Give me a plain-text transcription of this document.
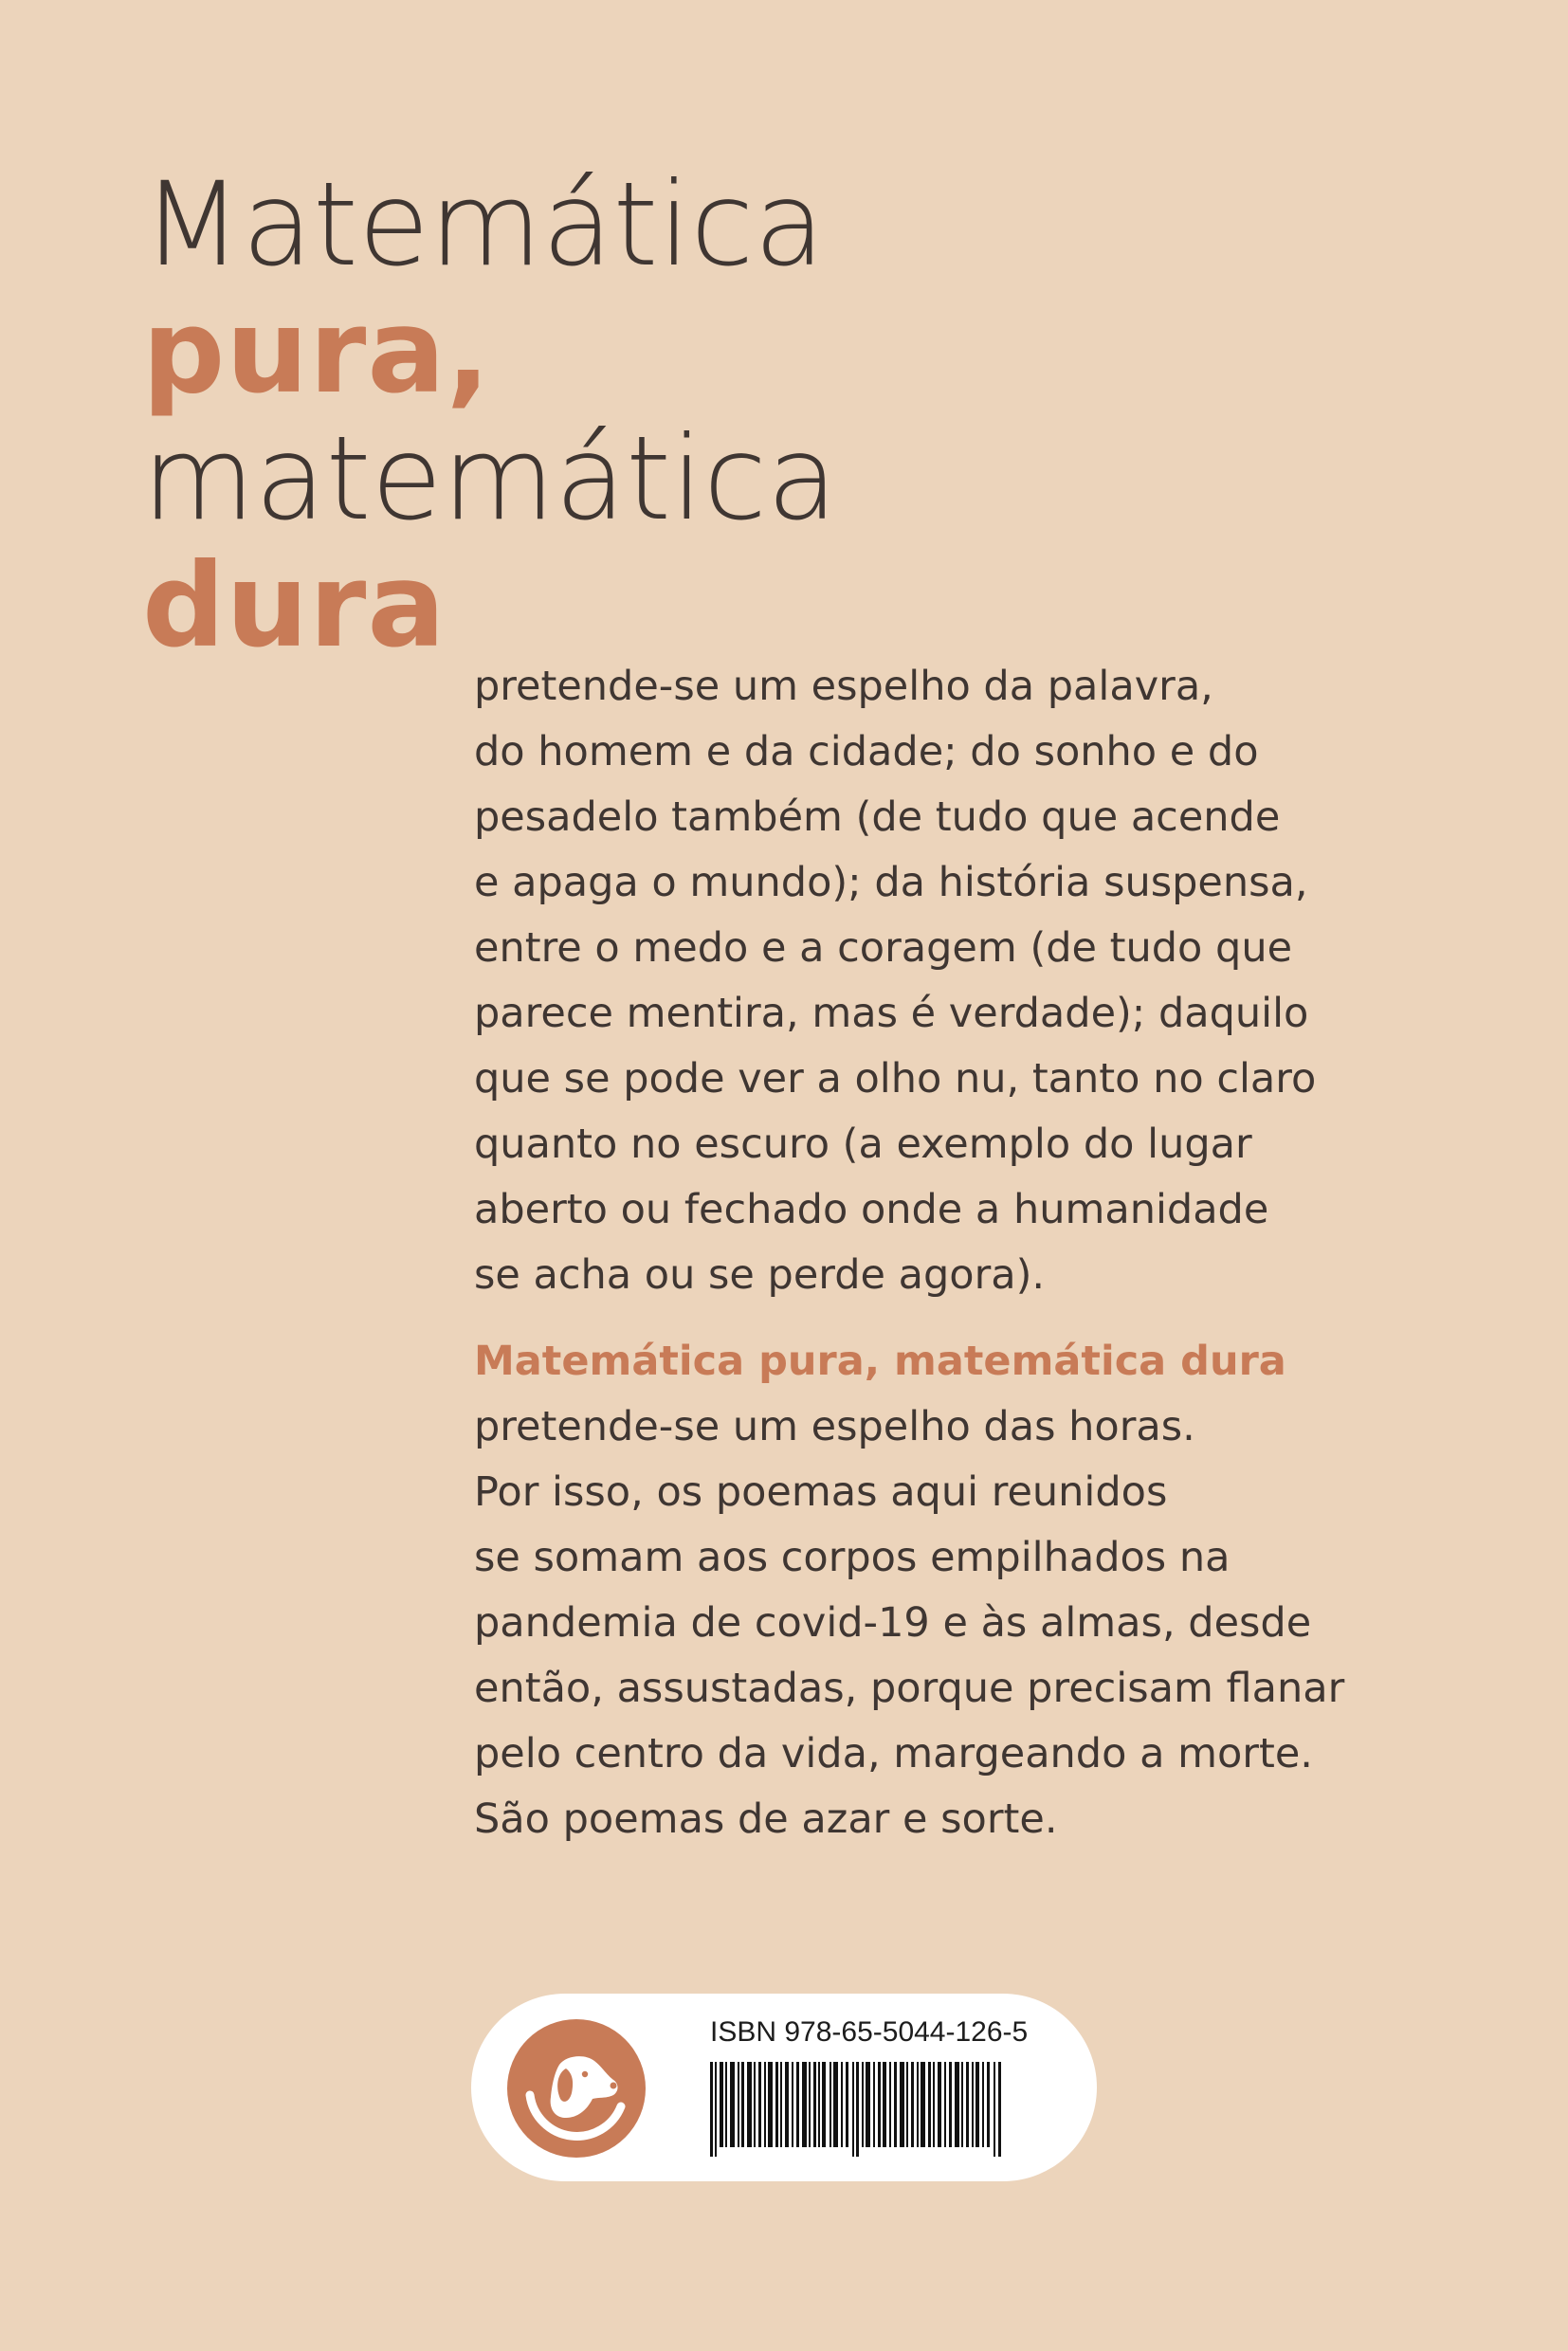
Matemática
pura,
matemática
dura
pretende-se um espelho da palavra,
do homem e da cidade; do sonho e do
pesadelo também (de tudo que acende
e apaga o mundo); da história suspensa,
entre o medo e a coragem (de tudo que
parece mentira, mas é verdade); daquilo
que se pode ver a olho nu, tanto no claro
quanto no escuro (a exemplo do lugar
aberto ou fechado onde a humanidade
se acha ou se perde agora).
Matemática pura, matemática dura
pretende-se um espelho das horas.
Por isso, os poemas aqui reunidos
se somam aos corpos empilhados na
pandemia de covid-19 e às almas, desde
então, assustadas, porque precisam flanar
pelo centro da vida, margeando a morte.
São poemas de azar e sorte.
ISBN 978-65-5044-126-5
